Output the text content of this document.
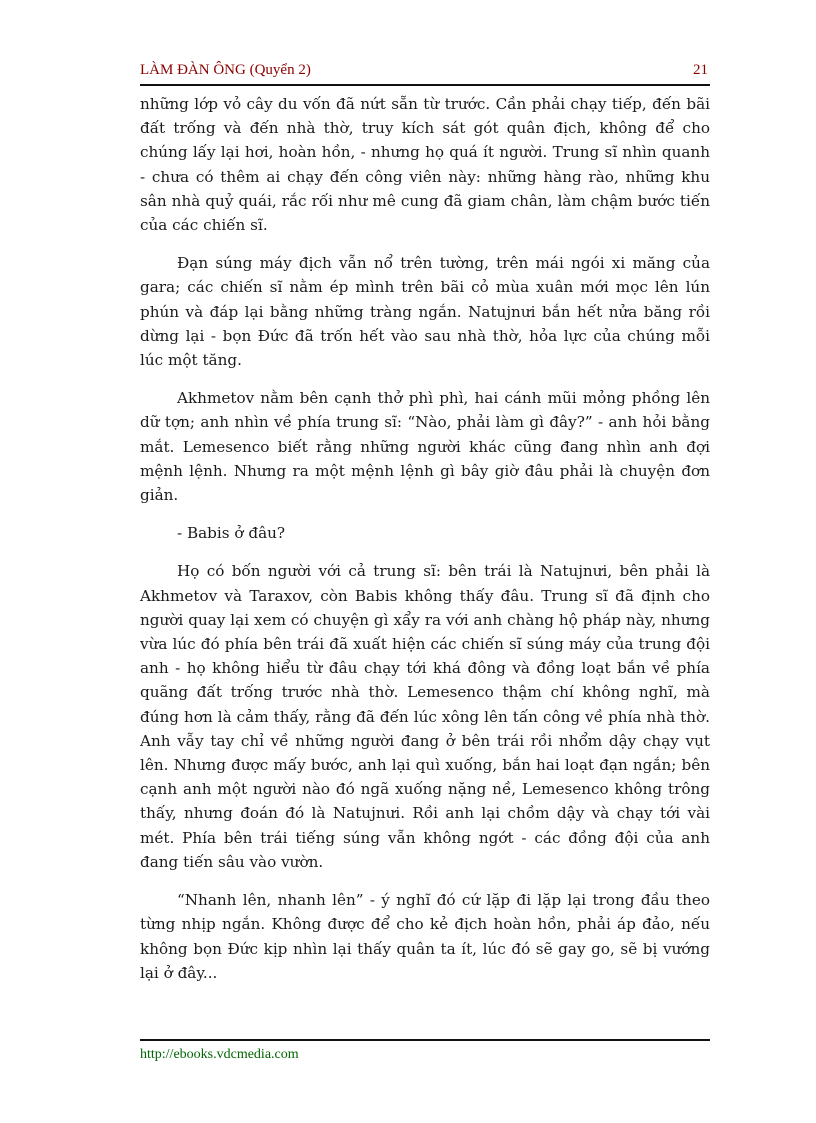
LÀM ĐÀN ÔNG (Quyển 2)	21

những lớp vỏ cây du vốn đã nứt sẵn từ trước. Cần phải chạy tiếp, đến bãi đất trống và đến nhà thờ, truy kích sát gót quân địch, không để cho chúng lấy lại hơi, hoàn hồn, - nhưng họ quá ít người. Trung sĩ nhìn quanh - chưa có thêm ai chạy đến công viên này: những hàng rào, những khu sân nhà quỷ quái, rắc rối như mê cung đã giam chân, làm chậm bước tiến của các chiến sĩ.

Đạn súng máy địch vẫn nổ trên tường, trên mái ngói xi măng của gara; các chiến sĩ nằm ép mình trên bãi cỏ mùa xuân mới mọc lên lún phún và đáp lại bằng những tràng ngắn. Natujnưi bắn hết nửa băng rồi dừng lại - bọn Đức đã trốn hết vào sau nhà thờ, hỏa lực của chúng mỗi lúc một tăng.

Akhmetov nằm bên cạnh thở phì phì, hai cánh mũi mỏng phồng lên dữ tợn; anh nhìn về phía trung sĩ: “Nào, phải làm gì đây?” - anh hỏi bằng mắt. Lemesenco biết rằng những người khác cũng đang nhìn anh đợi mệnh lệnh. Nhưng ra một mệnh lệnh gì bây giờ đâu phải là chuyện đơn giản.

- Babis ở đâu?

Họ có bốn người với cả trung sĩ: bên trái là Natujnưi, bên phải là Akhmetov và Taraxov, còn Babis không thấy đâu. Trung sĩ đã định cho người quay lại xem có chuyện gì xẩy ra với anh chàng hộ pháp này, nhưng vừa lúc đó phía bên trái đã xuất hiện các chiến sĩ súng máy của trung đội anh - họ không hiểu từ đâu chạy tới khá đông và đồng loạt bắn về phía quãng đất trống trước nhà thờ. Lemesenco thậm chí không nghĩ, mà đúng hơn là cảm thấy, rằng đã đến lúc xông lên tấn công về phía nhà thờ. Anh vẫy tay chỉ về những người đang ở bên trái rồi nhổm dậy chạy vụt lên. Nhưng được mấy bước, anh lại quì xuống, bắn hai loạt đạn ngắn; bên cạnh anh một người nào đó ngã xuống nặng nề, Lemesenco không trông thấy, nhưng đoán đó là Natujnưi. Rồi anh lại chồm dậy và chạy tới vài mét. Phía bên trái tiếng súng vẫn không ngớt - các đồng đội của anh đang tiến sâu vào vườn.

“Nhanh lên, nhanh lên” - ý nghĩ đó cứ lặp đi lặp lại trong đầu theo từng nhịp ngắn. Không được để cho kẻ địch hoàn hồn, phải áp đảo, nếu không bọn Đức kịp nhìn lại thấy quân ta ít, lúc đó sẽ gay go, sẽ bị vướng lại ở đây...

http://ebooks.vdcmedia.com
